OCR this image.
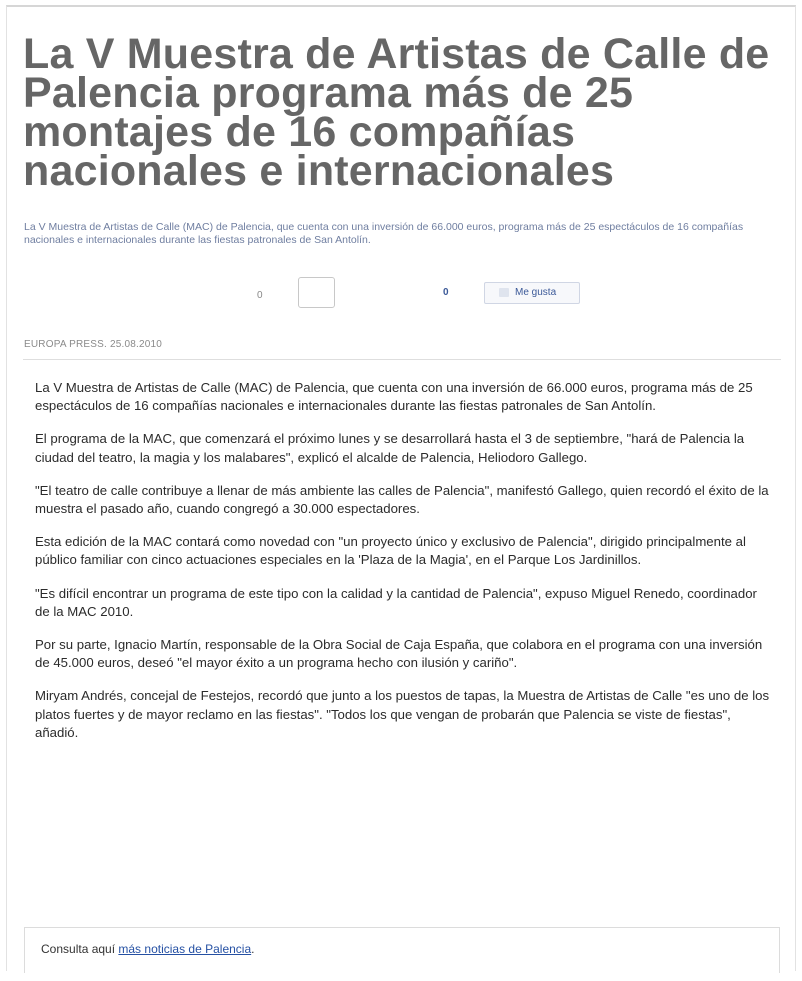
La V Muestra de Artistas de Calle de Palencia programa más de 25 montajes de 16 compañías nacionales e internacionales
La V Muestra de Artistas de Calle (MAC) de Palencia, que cuenta con una inversión de 66.000 euros, programa más de 25 espectáculos de 16 compañías nacionales e internacionales durante las fiestas patronales de San Antolín.
0	0	Me gusta
EUROPA PRESS. 25.08.2010

La V Muestra de Artistas de Calle (MAC) de Palencia, que cuenta con una inversión de 66.000 euros, programa más de 25 espectáculos de 16 compañías nacionales e internacionales durante las fiestas patronales de San Antolín.

El programa de la MAC, que comenzará el próximo lunes y se desarrollará hasta el 3 de septiembre, "hará de Palencia la ciudad del teatro, la magia y los malabares", explicó el alcalde de Palencia, Heliodoro Gallego.

"El teatro de calle contribuye a llenar de más ambiente las calles de Palencia", manifestó Gallego, quien recordó el éxito de la muestra el pasado año, cuando congregó a 30.000 espectadores.

Esta edición de la MAC contará como novedad con "un proyecto único y exclusivo de Palencia", dirigido principalmente al público familiar con cinco actuaciones especiales en la 'Plaza de la Magia', en el Parque Los Jardinillos.

"Es difícil encontrar un programa de este tipo con la calidad y la cantidad de Palencia", expuso Miguel Renedo, coordinador de la MAC 2010.

Por su parte, Ignacio Martín, responsable de la Obra Social de Caja España, que colabora en el programa con una inversión de 45.000 euros, deseó "el mayor éxito a un programa hecho con ilusión y cariño".

Miryam Andrés, concejal de Festejos, recordó que junto a los puestos de tapas, la Muestra de Artistas de Calle "es uno de los platos fuertes y de mayor reclamo en las fiestas". "Todos los que vengan de probarán que Palencia se viste de fiestas", añadió.

Consulta aquí más noticias de Palencia.
